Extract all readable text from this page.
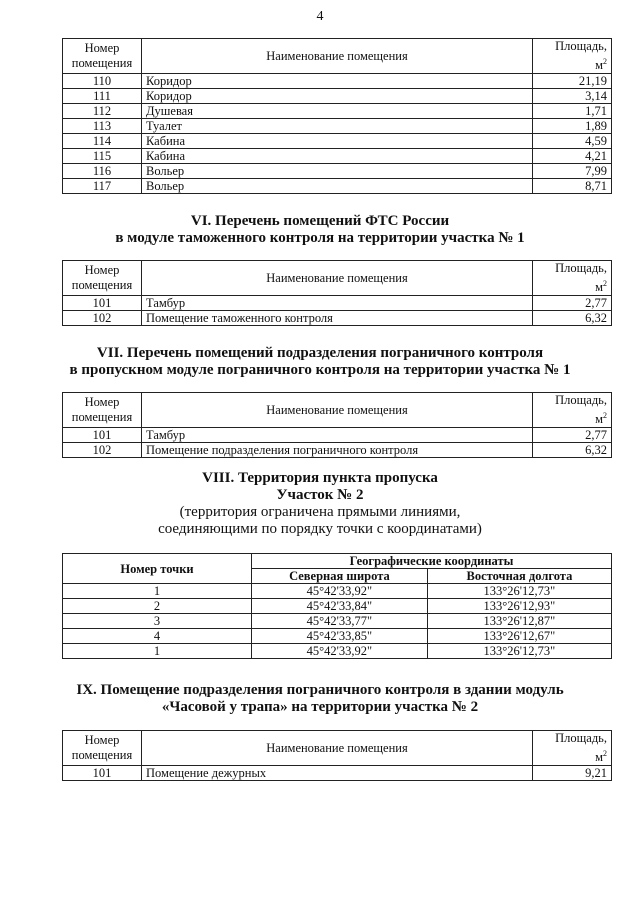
4
Номер помещения	Наименование помещения	Площадь,
$м^2$
110	Коридор	21,19
111	Коридор	3,14
112	Душевая	1,71
113	Туалет	1,89
114	Кабина	4,59
115	Кабина	4,21
116	Вольер	7,99
117	Вольер	8,71
VI. Перечень помещений ФТС России
в модуле таможенного контроля на территории участка № 1
Номер помещения	Наименование помещения	Площадь,
$м^2$
101	Тамбур	2,77
102	Помещение таможенного контроля	6,32
VII. Перечень помещений подразделения пограничного контроля
в пропускном модуле пограничного контроля на территории участка № 1
Номер помещения	Наименование помещения	Площадь,
$м^2$
101	Тамбур	2,77
102	Помещение подразделения пограничного контроля	6,32
VIII. Территория пункта пропуска
Участок № 2
(территория ограничена прямыми линиями,
соединяющими по порядку точки с координатами)
Номер точки	Географические координаты	
	Северная широта	Восточная долгота
1	45°42'33,92"	133°26'12,73"
2	45°42'33,84"	133°26'12,93"
3	45°42'33,77"	133°26'12,87"
4	45°42'33,85"	133°26'12,67"
1	45°42'33,92"	133°26'12,73"
IX. Помещение подразделения пограничного контроля в здании модуль
«Часовой у трапа» на территории участка № 2
Номер помещения	Наименование помещения	Площадь,
$м^2$
101	Помещение дежурных	9,21
